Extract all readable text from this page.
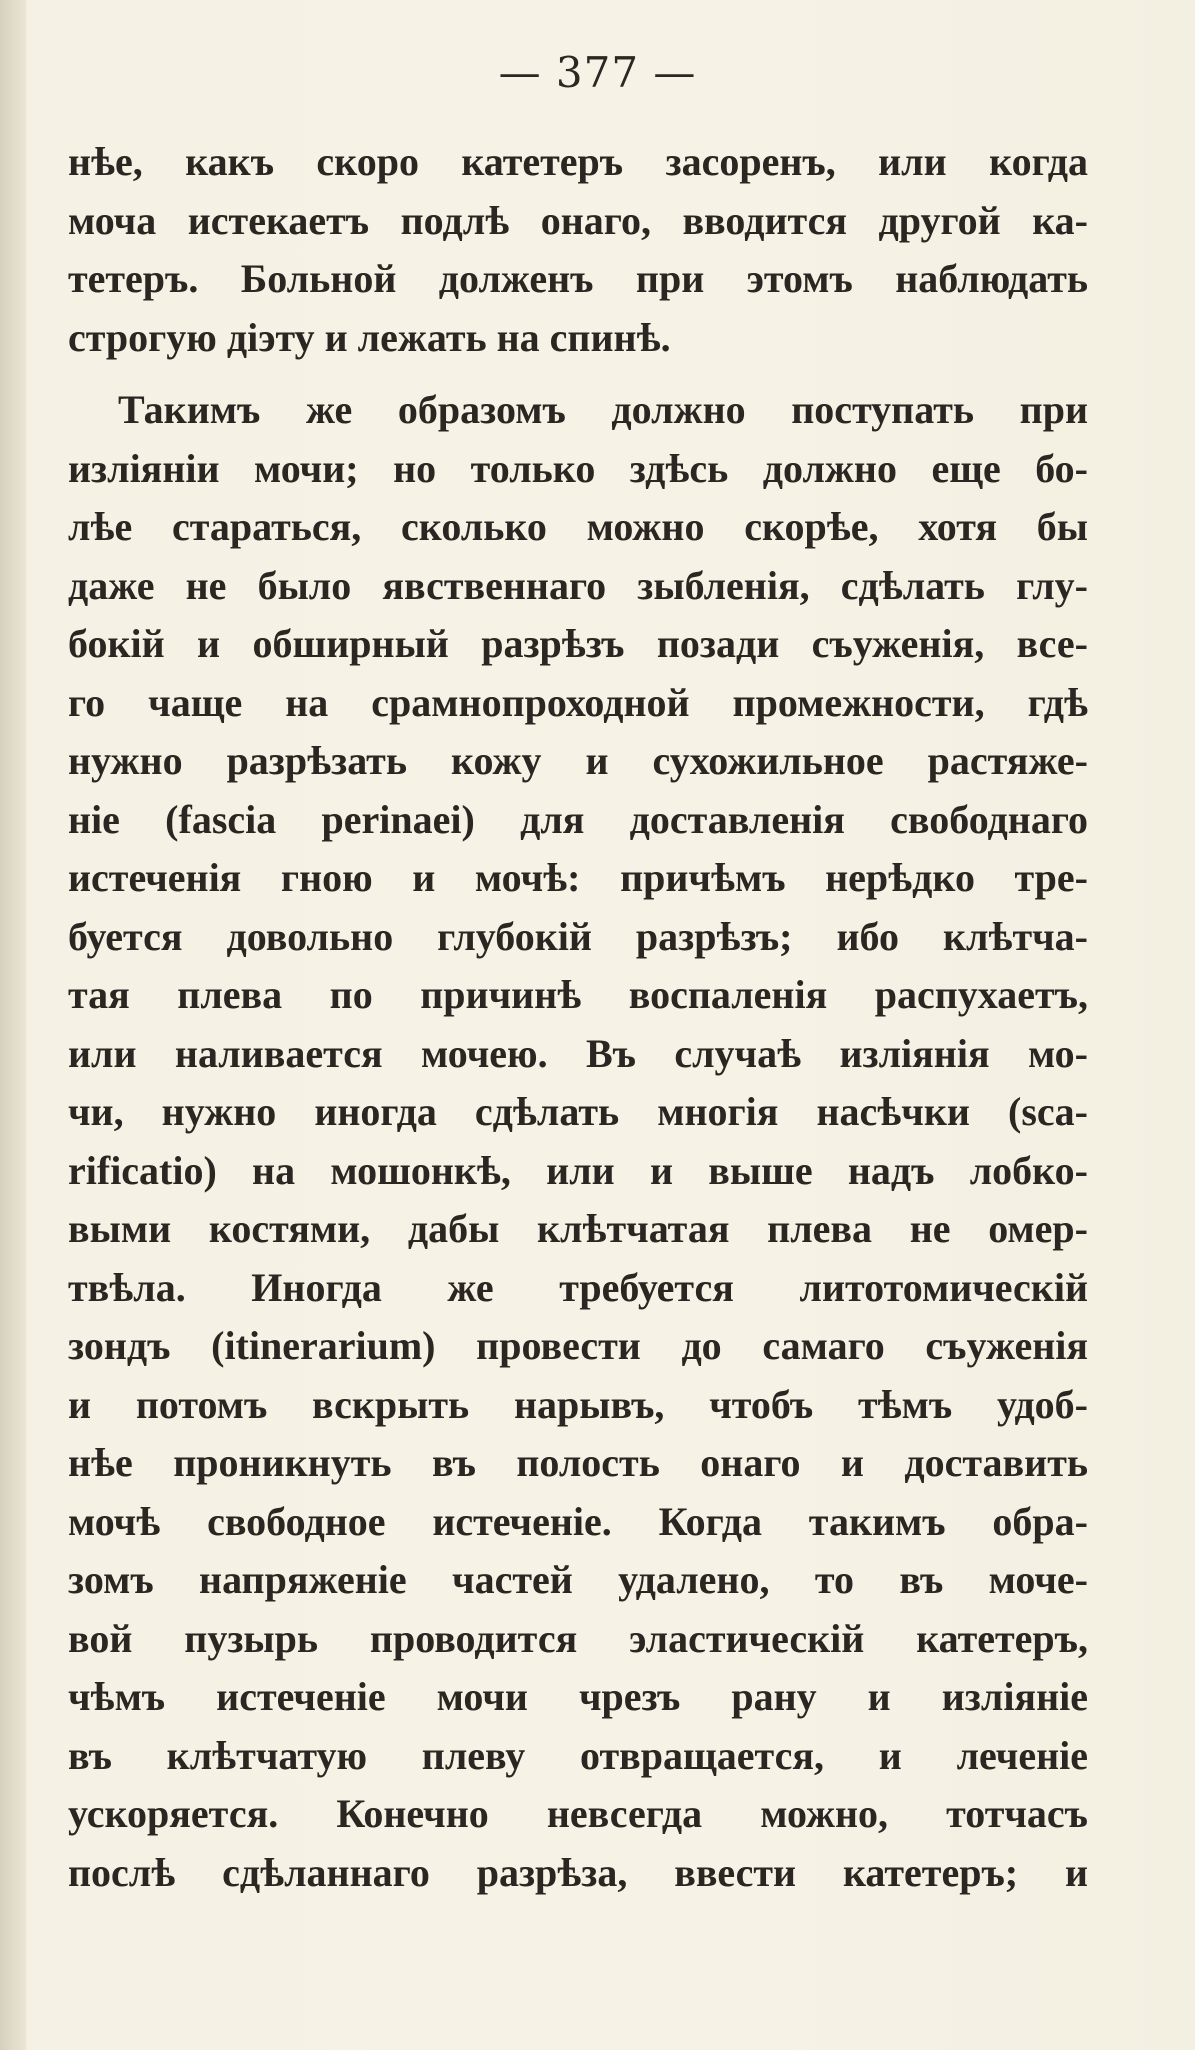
— 377 —
нѣе, какъ скоро катетеръ засоренъ, или когда
моча истекаетъ подлѣ онаго, вводится другой ка-
тетеръ. Больной долженъ при этомъ наблюдать
строгую діэту и лежать на спинѣ.
Такимъ же образомъ должно поступать при
изліяніи мочи; но только здѣсь должно еще бо-
лѣе стараться, сколько можно скорѣе, хотя бы
даже не было явственнаго зыбленія, сдѣлать глу-
бокій и обширный разрѣзъ позади съуженія, все-
го чаще на срамнопроходной промежности, гдѣ
нужно разрѣзать кожу и сухожильное растяже-
ніе (fascia perinaei) для доставленія свободнаго
истеченія гною и мочѣ: причѣмъ нерѣдко тре-
буется довольно глубокій разрѣзъ; ибо клѣтча-
тая плева по причинѣ воспаленія распухаетъ,
или наливается мочею. Въ случаѣ изліянія мо-
чи, нужно иногда сдѣлать многія насѣчки (sca-
rificatio) на мошонкѣ, или и выше надъ лобко-
выми костями, дабы клѣтчатая плева не омер-
твѣла. Иногда же требуется литотомическій
зондъ (itinerarium) провести до самаго съуженія
и потомъ вскрыть нарывъ, чтобъ тѣмъ удоб-
нѣе проникнуть въ полость онаго и доставить
мочѣ свободное истеченіе. Когда такимъ обра-
зомъ напряженіе частей удалено, то въ моче-
вой пузырь проводится эластическій катетеръ,
чѣмъ истеченіе мочи чрезъ рану и изліяніе
въ клѣтчатую плеву отвращается, и леченіе
ускоряется. Конечно невсегда можно, тотчасъ
послѣ сдѣланнаго разрѣза, ввести катетеръ; и
